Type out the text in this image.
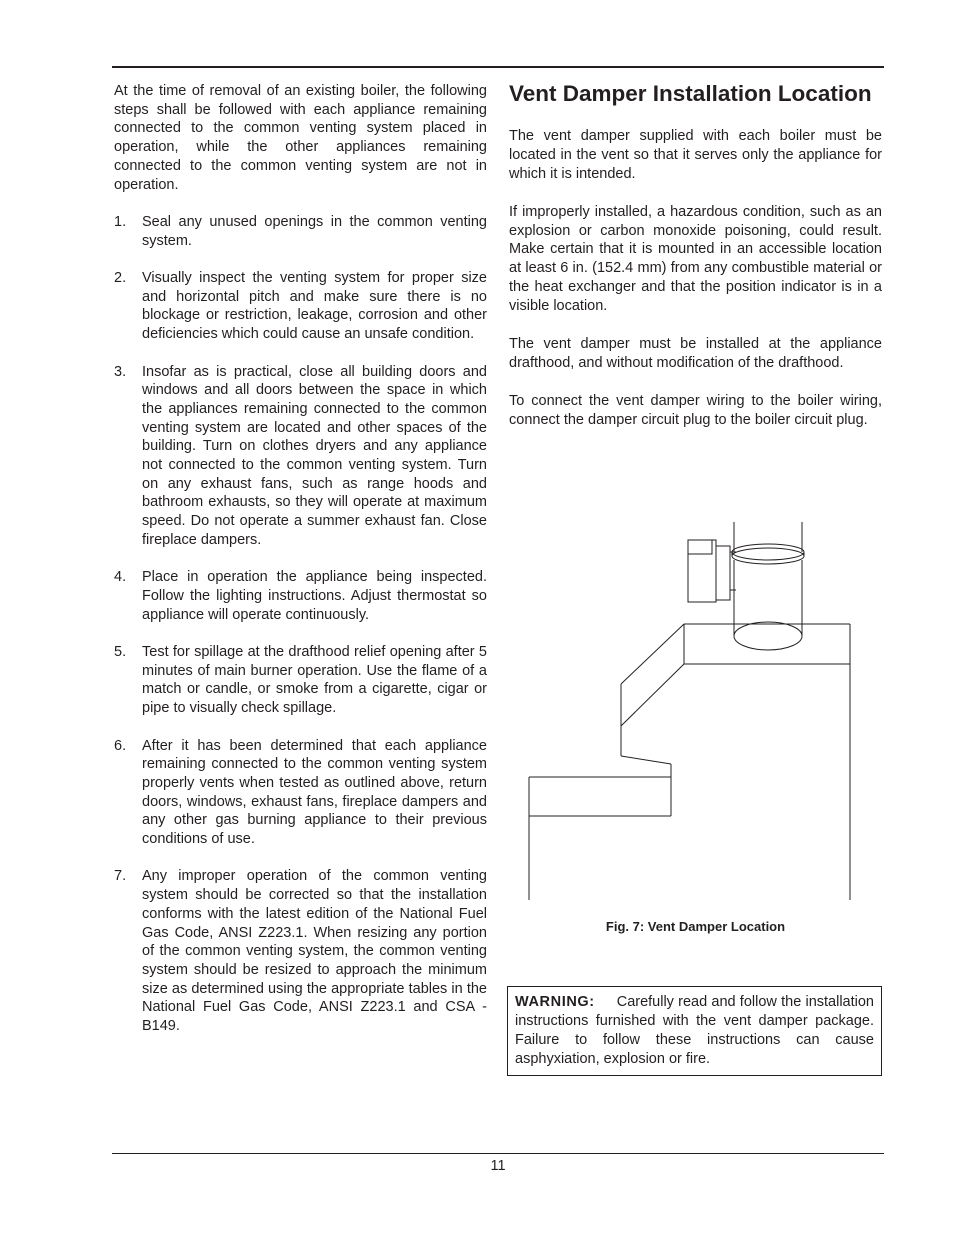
At the time of removal of an existing boiler, the following steps shall be followed with each appliance remaining connected to the common venting system placed in operation, while the other appliances remaining connected to the common venting system are not in operation.

1.	Seal any unused openings in the common venting system.
2.	Visually inspect the venting system for proper size and horizontal pitch and make sure there is no blockage or restriction, leakage, corrosion and other deficiencies which could cause an unsafe condition.
3.	Insofar as is practical, close all building doors and windows and all doors between the space in which the appliances remaining connected to the common venting system are located and other spaces of the building. Turn on clothes dryers and any appliance not connected to the common venting system. Turn on any exhaust fans, such as range hoods and bathroom exhausts, so they will operate at maximum speed. Do not operate a summer exhaust fan. Close fireplace dampers.
4.	Place in operation the appliance being inspected. Follow the lighting instructions. Adjust thermostat so appliance will operate continuously.
5.	Test for spillage at the drafthood relief opening after 5 minutes of main burner operation. Use the flame of a match or candle, or smoke from a cigarette, cigar or pipe to visually check spillage.
6.	After it has been determined that each appliance remaining connected to the common venting system properly vents when tested as outlined above, return doors, windows, exhaust fans, fireplace dampers and any other gas burning appliance to their previous conditions of use.
7.	Any improper operation of the common venting system should be corrected so that the installation conforms with the latest edition of the National Fuel Gas Code, ANSI Z223.1. When resizing any portion of the common venting system, the common venting system should be resized to approach the minimum size as determined using the appropriate tables in the National Fuel Gas Code, ANSI Z223.1 and CSA - B149.
Vent Damper Installation Location

The vent damper supplied with each boiler must be located in the vent so that it serves only the appliance for which it is intended.

If improperly installed, a hazardous condition, such as an explosion or carbon monoxide poisoning, could result. Make certain that it is mounted in an accessible location at least 6 in. (152.4 mm) from any combustible material or the heat exchanger and that the position indicator is in a visible location.

The vent damper must be installed at the appliance drafthood, and without modification of the drafthood.

To connect the vent damper wiring to the boiler wiring, connect the damper circuit plug to the boiler circuit plug.

Fig. 7: Vent Damper Location
WARNING: Carefully read and follow the installation instructions furnished with the vent damper package. Failure to follow these instructions can cause asphyxiation, explosion or fire.
11
